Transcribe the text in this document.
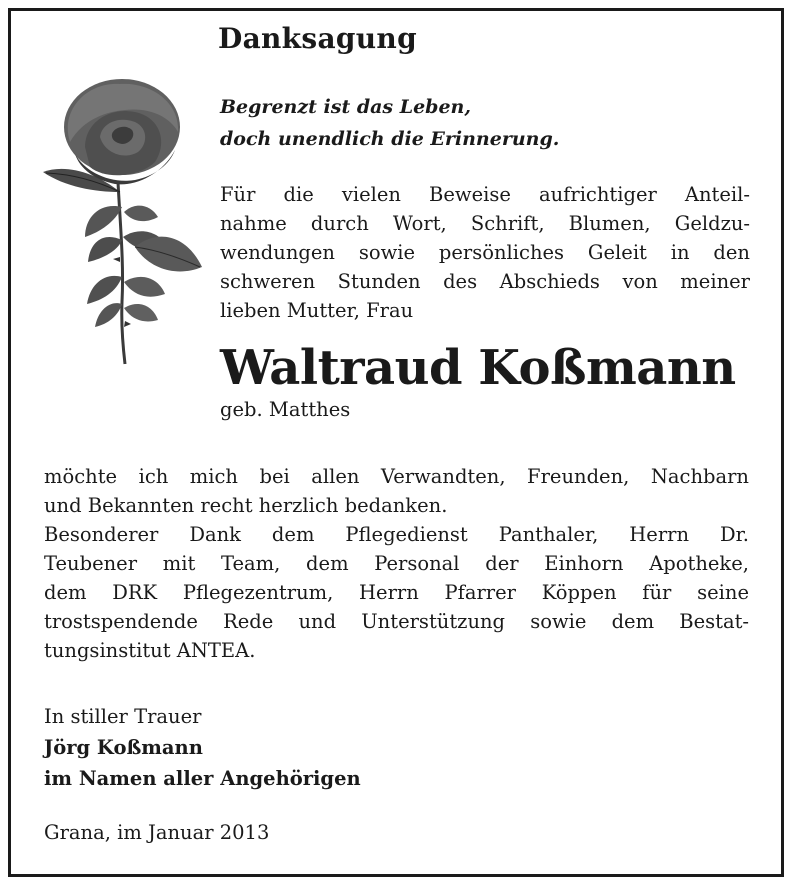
Danksagung
Begrenzt ist das Leben,
doch unendlich die Erinnerung.
Für die vielen Beweise aufrichtiger Anteil-
nahme durch Wort, Schrift, Blumen, Geldzu-
wendungen sowie persönliches Geleit in den
schweren Stunden des Abschieds von meiner
lieben Mutter, Frau
Waltraud Koßmann
geb. Matthes
möchte ich mich bei allen Verwandten, Freunden, Nachbarn
und Bekannten recht herzlich bedanken.
Besonderer Dank dem Pflegedienst Panthaler, Herrn Dr.
Teubener mit Team, dem Personal der Einhorn Apotheke,
dem DRK Pflegezentrum, Herrn Pfarrer Köppen für seine
trostspendende Rede und Unterstützung sowie dem Bestat-
tungsinstitut ANTEA.
In stiller Trauer
Jörg Koßmann
im Namen aller Angehörigen
Grana, im Januar 2013
